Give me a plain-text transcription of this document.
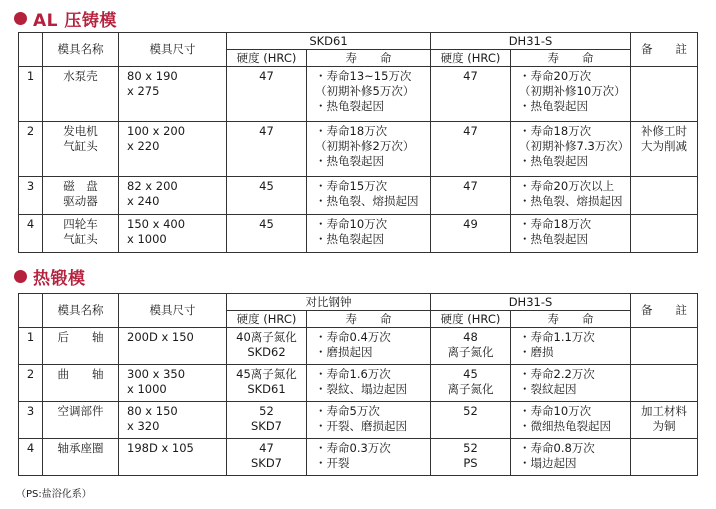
AL 压铸模
	模具名称	模具尺寸	SKD61		DH31-S		备　　註
			硬度 (HRC)	寿　　命	硬度 (HRC)	寿　　命	

1	水泵壳	80 x 190
x 275	47	・寿命13~15万次
（初期补修5万次）
・热龟裂起因	47	・寿命20万次
（初期补修10万次）
・热龟裂起因	

2	发电机
气缸头	100 x 200
x 220	47	・寿命18万次
（初期补修2万次）
・热龟裂起因	47	・寿命18万次
（初期补修7.3万次）
・热龟裂起因	补修工时
大为削减

3	磁　盘
驱动器	82 x 200
x 240	45	・寿命15万次
・热龟裂、熔损起因	47	・寿命20万次以上
・热龟裂、熔损起因	

4	四轮车
气缸头	150 x 400
x 1000	45	・寿命10万次
・热龟裂起因	49	・寿命18万次
・热龟裂起因	

热锻模
	模具名称	模具尺寸	对比钢钟		DH31-S		备　　註
			硬度 (HRC)	寿　　命	硬度 (HRC)	寿　　命	

1	后　　轴	200D x 150	40离子氮化
SKD62	・寿命0.4万次
・磨损起因	48
离子氮化	・寿命1.1万次
・磨损	

2	曲　　轴	300 x 350
x 1000	45离子氮化
SKD61	・寿命1.6万次
・裂紋、塌边起因	45
离子氮化	・寿命2.2万次
・裂紋起因	

3	空调部件	80 x 150
x 320	52
SKD7	・寿命5万次
・开裂、磨损起因	52	・寿命10万次
・微细热龟裂起因	加工材料
为铜

4	轴承座圈	198D x 105	47
SKD7	・寿命0.3万次
・开裂	52
PS	・寿命0.8万次
・塌边起因	

（PS:盐浴化系）
